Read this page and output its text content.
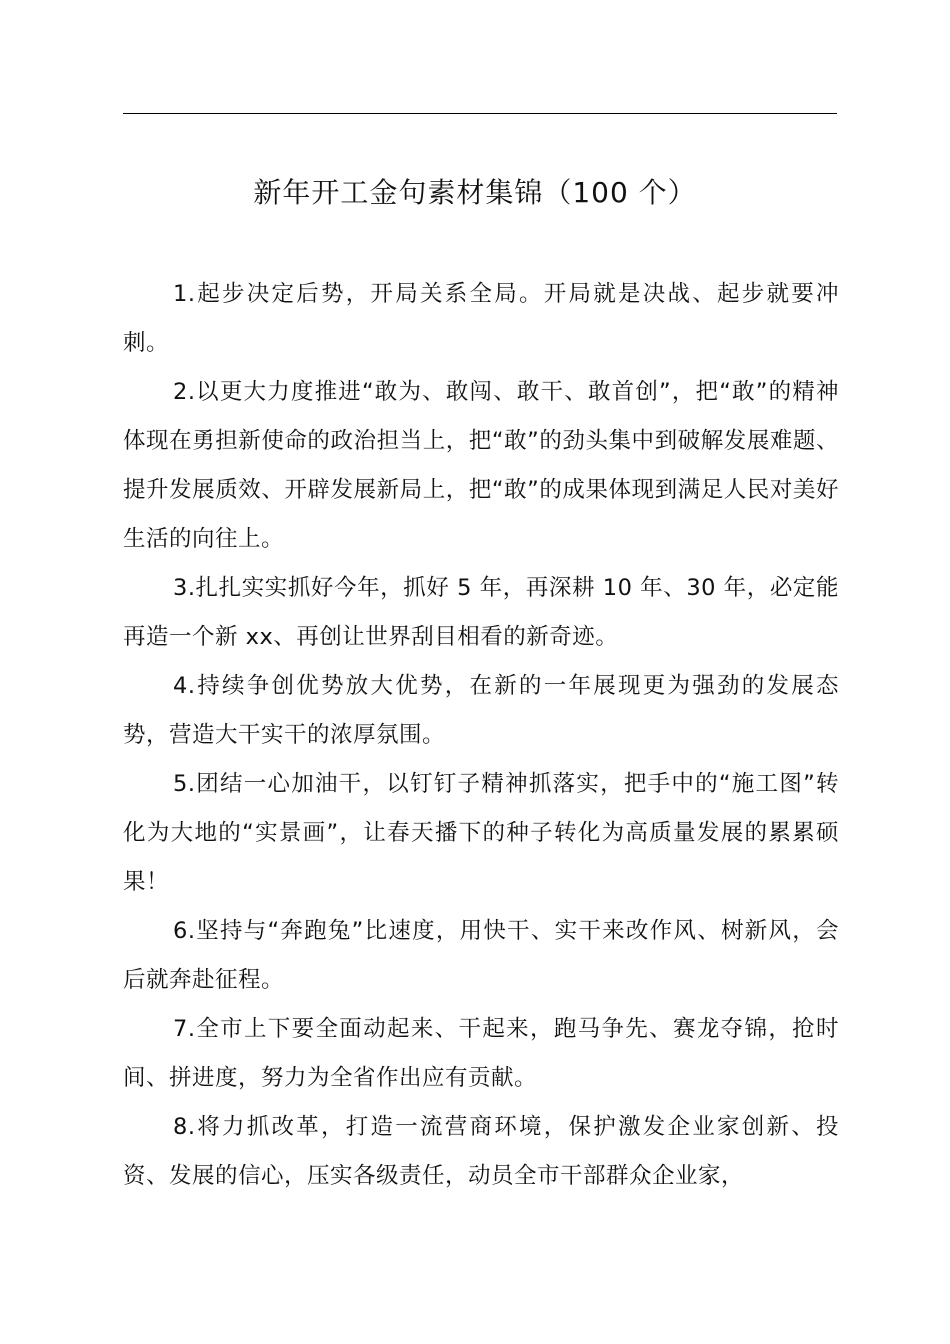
新年开工金句素材集锦（100 个）

1.起步决定后势，开局关系全局。开局就是决战、起步就要冲刺。

2.以更大力度推进“敢为、敢闯、敢干、敢首创”，把“敢”的精神体现在勇担新使命的政治担当上，把“敢”的劲头集中到破解发展难题、提升发展质效、开辟发展新局上，把“敢”的成果体现到满足人民对美好生活的向往上。

3.扎扎实实抓好今年，抓好 5 年，再深耕 10 年、30 年，必定能再造一个新 xx、再创让世界刮目相看的新奇迹。

4.持续争创优势放大优势，在新的一年展现更为强劲的发展态势，营造大干实干的浓厚氛围。

5.团结一心加油干，以钉钉子精神抓落实，把手中的“施工图”转化为大地的“实景画”，让春天播下的种子转化为高质量发展的累累硕果！

6.坚持与“奔跑兔”比速度，用快干、实干来改作风、树新风，会后就奔赴征程。

7.全市上下要全面动起来、干起来，跑马争先、赛龙夺锦，抢时间、拼进度，努力为全省作出应有贡献。

8.将力抓改革，打造一流营商环境，保护激发企业家创新、投资、发展的信心，压实各级责任，动员全市干部群众企业家，
